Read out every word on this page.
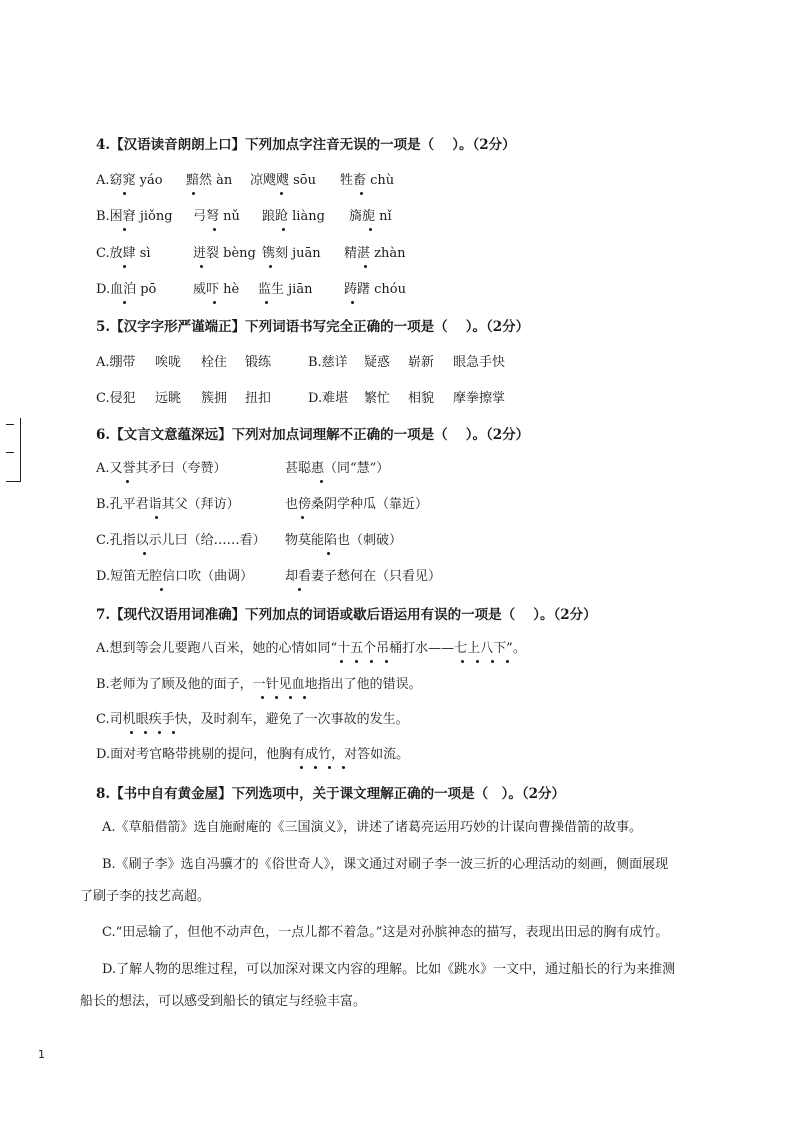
4.【汉语读音朗朗上口】下列加点字注音无误的一项是（　 ）。（2分）
A.窈窕 yáo 黯然 àn 凉飕飕 sōu 牲畜 chù
B.困窘 jiǒng 弓弩 nǔ 踉跄 liàng 旖旎 nǐ
C.放肆 sì	迸裂 bèng 镌刻 juān 精湛 zhàn
D.血泊 pō	威吓 hè 监生 jiān 踌躇 chóu
5.【汉字字形严谨端正】下列词语书写完全正确的一项是（　 ）。（2分）
A.绷带 唉咙 栓住 锻练	B.慈详 疑惑 崭新 眼急手快
C.侵犯 远眺 簇拥 扭扣	D.难堪 繁忙 相貌 摩拳擦掌
6.【文言文意蕴深远】下列对加点词理解不正确的一项是（　 ）。（2分）
A.又誉其矛曰（夸赞）	甚聪惠（同“慧”）
B.孔平君诣其父（拜访）	也傍桑阴学种瓜（靠近）
C.孔指以示儿曰（给……看） 物莫能陷也（刺破）
D.短笛无腔信口吹（曲调） 却看妻子愁何在（只看见）
7.【现代汉语用词准确】下列加点的词语或歇后语运用有误的一项是（　 ）。（2分）
A.想到等会儿要跑八百米，她的心情如同“十五个吊桶打水——七上八下”。
B.老师为了顾及他的面子，一针见血地指出了他的错误。
C.司机眼疾手快，及时刹车，避免了一次事故的发生。
D.面对考官略带挑剔的提问，他胸有成竹，对答如流。
8.【书中自有黄金屋】下列选项中，关于课文理解正确的一项是（　）。（2分）
A.《草船借箭》选自施耐庵的《三国演义》，讲述了诸葛亮运用巧妙的计谋向曹操借箭的故事。
B.《刷子李》选自冯骥才的《俗世奇人》，课文通过对刷子李一波三折的心理活动的刻画，侧面展现
了刷子李的技艺高超。
C.“田忌输了，但他不动声色，一点儿都不着急。”这是对孙膑神态的描写，表现出田忌的胸有成竹。
D.了解人物的思维过程，可以加深对课文内容的理解。比如《跳水》一文中，通过船长的行为来推测
船长的想法，可以感受到船长的镇定与经验丰富。
1
